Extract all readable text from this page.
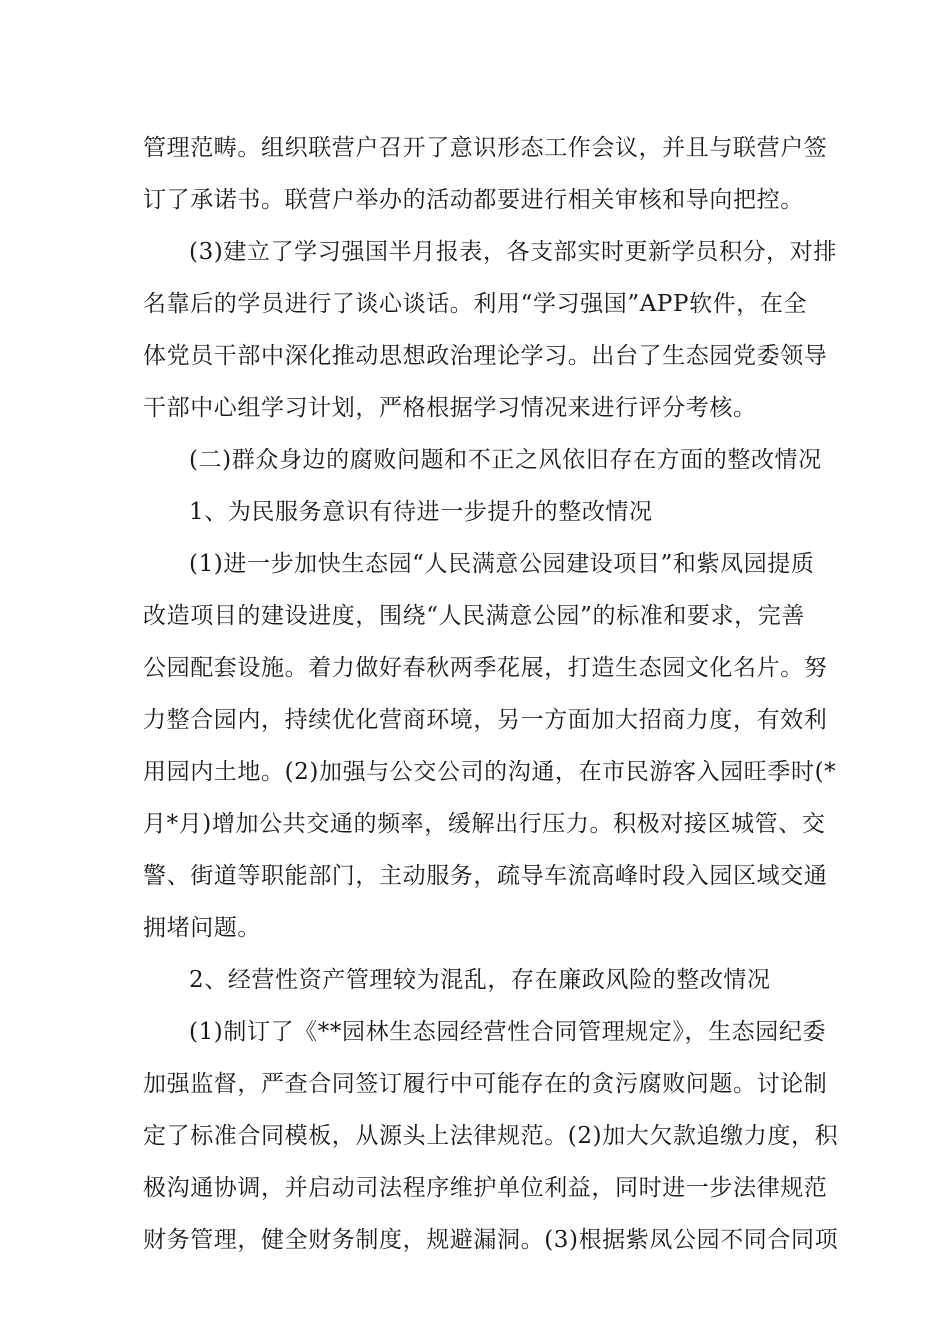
管理范畴。组织联营户召开了意识形态工作会议，并且与联营户签
订了承诺书。联营户举办的活动都要进行相关审核和导向把控。
(3)建立了学习强国半月报表，各支部实时更新学员积分，对排
名靠后的学员进行了谈心谈话。利用“学习强国”APP软件，在全
体党员干部中深化推动思想政治理论学习。出台了生态园党委领导
干部中心组学习计划，严格根据学习情况来进行评分考核。
(二)群众身边的腐败问题和不正之风依旧存在方面的整改情况
1、为民服务意识有待进一步提升的整改情况
(1)进一步加快生态园“人民满意公园建设项目”和紫凤园提质
改造项目的建设进度，围绕“人民满意公园”的标准和要求，完善
公园配套设施。着力做好春秋两季花展，打造生态园文化名片。努
力整合园内，持续优化营商环境，另一方面加大招商力度，有效利
用园内土地。(2)加强与公交公司的沟通，在市民游客入园旺季时(*
月*月)增加公共交通的频率，缓解出行压力。积极对接区城管、交
警、街道等职能部门，主动服务，疏导车流高峰时段入园区域交通
拥堵问题。
2、经营性资产管理较为混乱，存在廉政风险的整改情况
(1)制订了《**园林生态园经营性合同管理规定》，生态园纪委
加强监督，严查合同签订履行中可能存在的贪污腐败问题。讨论制
定了标准合同模板，从源头上法律规范。(2)加大欠款追缴力度，积
极沟通协调，并启动司法程序维护单位利益，同时进一步法律规范
财务管理，健全财务制度，规避漏洞。(3)根据紫凤公园不同合同项
